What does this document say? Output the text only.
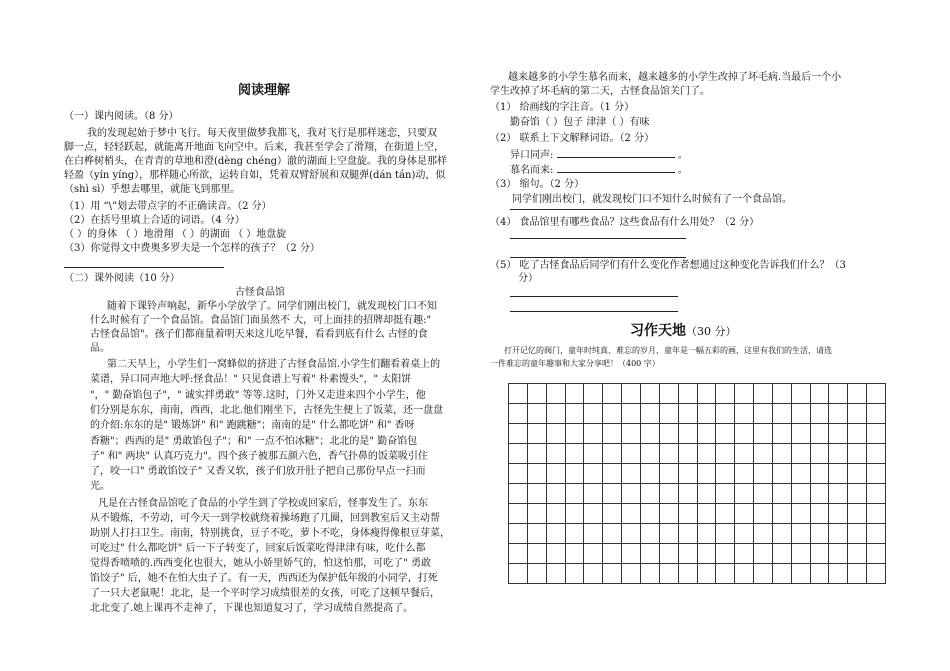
阅读理解
（一）课内阅读。（8 分）
我的发现起始于梦中飞行。每天夜里做梦我都飞，我对飞行是那样迷恋，只要双
脚一点，轻轻跃起，就能离开地面飞向空中。后来，我甚至学会了滑翔，在街道上空，
在白桦树梢头，在青青的草地和澄(dèng chéng）澈的湖面上空盘旋。我的身体是那样
轻盈（yín yíng），那样随心所欲，运转自如，凭着双臂舒展和双腿弹(dán tán)动，似
（shì sì）乎想去哪里，就能飞到那里。
（1）用 “\”划去带点字的不正确读音。（2 分）
（2）在括号里填上合适的词语。（4 分）
（ ）的身体 （ ）地滑翔 （ ）的湖面 （ ）地盘旋
（3）你觉得文中费奥多罗夫是一个怎样的孩子？（2 分）
（二）课外阅读（10 分）
古怪食品馆
随着下课铃声响起，新华小学放学了。同学们刚出校门，就发现校门口不知
什么时候有了一个食品馆。食品馆门面虽然不 大，可上面挂的招牌却挺有趣:"
古怪食品馆"。孩子们都商量着明天来这儿吃早餐，看看到底有什么 古怪的食
品。
第二天早上，小学生们一窝蜂似的挤进了古怪食品馆.小学生们翻看着桌上的
菜谱，异口同声地大呼:怪食品！" 只见食谱上写着" 朴素馒头"，" 太阳饼
"，" 勤奋馅包子"，" 诚实拌勇敢" 等等.这时，门外又走进来四个小学生，他
们分别是东东，南南，西西，北北.他们刚坐下，古怪先生便上了饭菜，还一盘盘
的介绍:东东的是" 锻炼饼" 和" 跑跳糖"；南南的是" 什么都吃饼" 和" 香呀
香糖"；西西的是" 勇敢馅包子"；和" 一点不怕冰糖"；北北的是" 勤奋馅包
子" 和" 两块" 认真巧克力"。四个孩子被那五颜六色，香气扑鼻的饭菜吸引住
了，咬一口" 勇敢馅饺子" 又香又软，孩子们放开肚子把自己那份早点一扫而
光。
凡是在古怪食品馆吃了食品的小学生到了学校或回家后，怪事发生了。东东
从不锻炼，不劳动，可今天一到学校就绕着操场跑了几圈，回到教室后又主动帮
助别人打扫卫生。南南，特别挑食，豆子不吃，萝卜不吃，身体瘦得像根豆芽菜，
可吃过" 什么都吃饼" 后一下子转变了，回家后饭菜吃得津津有味，吃什么都
觉得香喷喷的.西西变化也很大，她从小娇里娇气的，怕这怕那，可吃了" 勇敢
馅饺子" 后，她不在怕大虫子了。有一天，西西还为保护低年级的小同学，打死
了一只大老鼠呢！北北，是一个平时学习成绩很差的女孩，可吃了这顿早餐后，
北北变了.她上课再不走神了，下课也知道复习了，学习成绩自然提高了。
越来越多的小学生慕名而来，越来越多的小学生改掉了坏毛病.当最后一个小
学生改掉了坏毛病的第二天，古怪食品馆关门了。
（1） 给画线的字注音。（1 分）
勤奋馅（ ）包子 津津（ ）有味
（2） 联系上下文解释词语。（2 分）
异口同声:	。
慕名而来:	。
（3） 缩句。（2 分）
同学们刚出校门，就发现校门口不知什么时候有了一个食品馆。
（4） 食品馆里有哪些食品？这些食品有什么用处？（2 分）
（5） 吃了古怪食品后同学们有什么变化作者想通过这种变化告诉我们什么？（3
分）
习作天地（30 分）
打开记忆的阀门，童年时纯真、难忘的岁月，童年是一幅五彩的画，这里有我们的生活，请选
一件难忘的童年趣事和大家分享吧！（400 字）
